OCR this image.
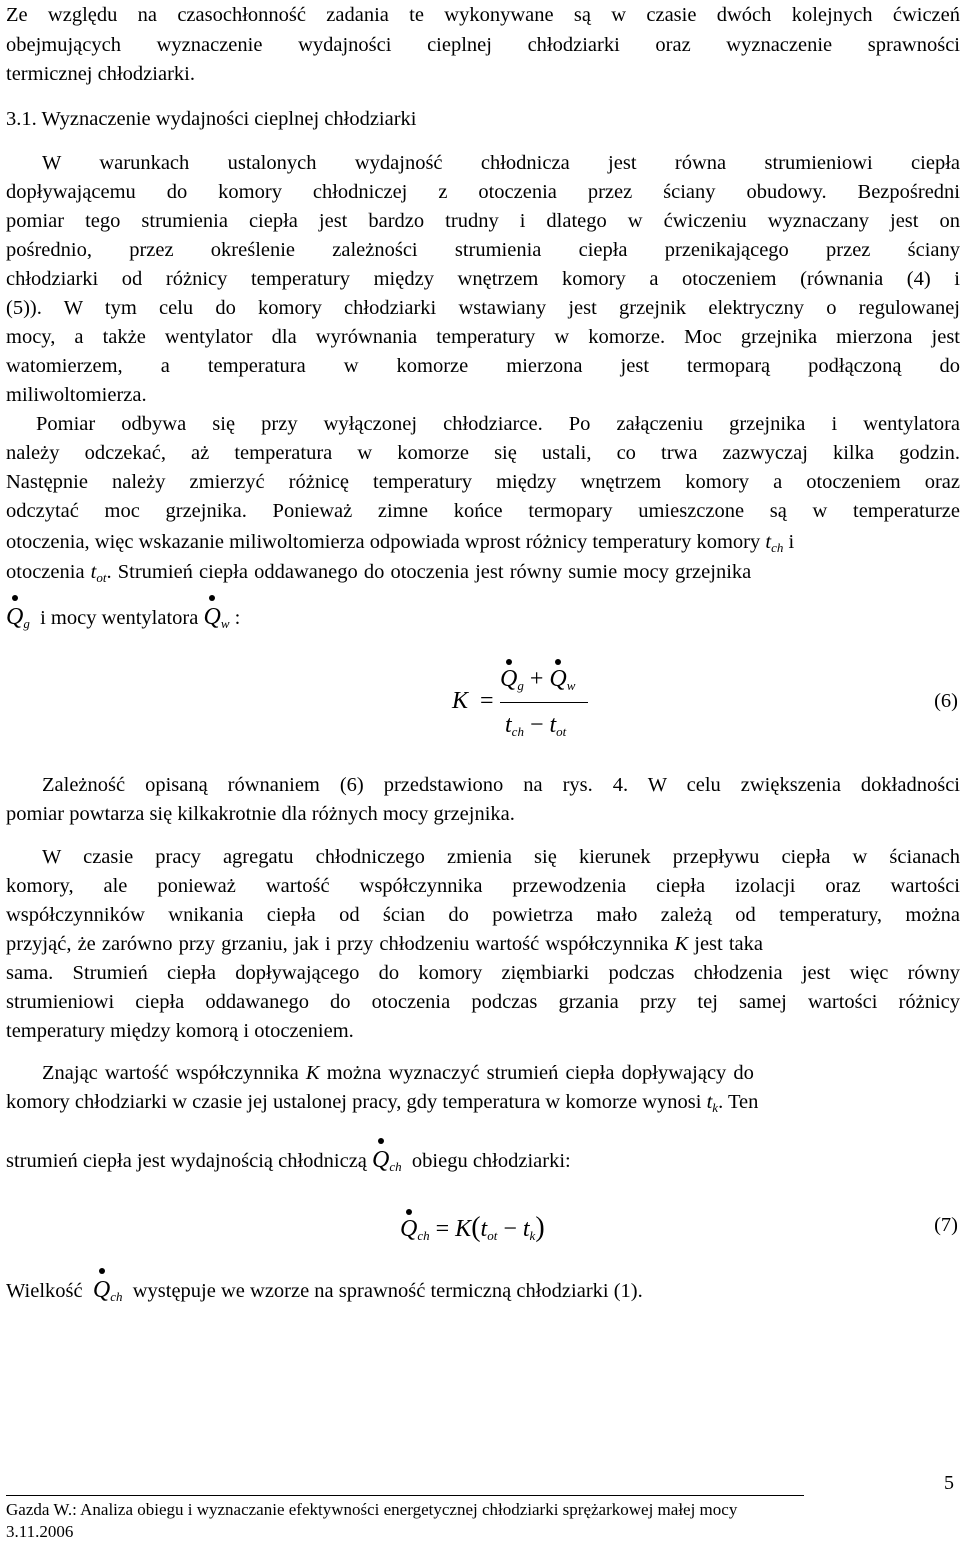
Ze względu na czasochłonność zadania te wykonywane są w czasie dwóch kolejnych ćwiczeń
obejmujących wyznaczenie wydajności cieplnej chłodziarki oraz wyznaczenie sprawności
termicznej chłodziarki.
3.1. Wyznaczenie wydajności cieplnej chłodziarki
W warunkach ustalonych wydajność chłodnicza jest równa strumieniowi ciepła
dopływającemu do komory chłodniczej z otoczenia przez ściany obudowy. Bezpośredni
pomiar tego strumienia ciepła jest bardzo trudny i dlatego w ćwiczeniu wyznaczany jest on
pośrednio, przez określenie zależności strumienia ciepła przenikającego przez ściany
chłodziarki od różnicy temperatury między wnętrzem komory a otoczeniem (równania (4) i
(5)). W tym celu do komory chłodziarki wstawiany jest grzejnik elektryczny o regulowanej
mocy, a także wentylator dla wyrównania temperatury w komorze. Moc grzejnika mierzona jest
watomierzem, a temperatura w komorze mierzona jest termoparą podłączoną do
miliwoltomierza.
Pomiar odbywa się przy wyłączonej chłodziarce. Po załączeniu grzejnika i wentylatora
należy odczekać, aż temperatura w komorze się ustali, co trwa zazwyczaj kilka godzin.
Następnie należy zmierzyć różnicę temperatury między wnętrzem komory a otoczeniem oraz
odczytać moc grzejnika. Ponieważ zimne końce termopary umieszczone są w temperaturze
otoczenia, więc wskazanie miliwoltomierza odpowiada wprost różnicy temperatury komory $t_{ch}$ i
otoczenia $t_{ot}$. Strumień ciepła oddawanego do otoczenia jest równy sumie mocy grzejnika
$Q_g$ i mocy wentylatora $Q_w$ :
K =
$Q_g + Q_w$
$t_{ch} - t_{ot}$
(6)
Zależność opisaną równaniem (6) przedstawiono na rys. 4. W celu zwiększenia dokładności
pomiar powtarza się kilkakrotnie dla różnych mocy grzejnika.
W czasie pracy agregatu chłodniczego zmienia się kierunek przepływu ciepła w ścianach
komory, ale ponieważ wartość współczynnika przewodzenia ciepła izolacji oraz wartości
współczynników wnikania ciepła od ścian do powietrza mało zależą od temperatury, można
przyjąć, że zarówno przy grzaniu, jak i przy chłodzeniu wartość współczynnika K jest taka
sama. Strumień ciepła dopływającego do komory zięmbiarki podczas chłodzenia jest więc równy
strumieniowi ciepła oddawanego do otoczenia podczas grzania przy tej samej wartości różnicy
temperatury między komorą i otoczeniem.
Znając wartość współczynnika K można wyznaczyć strumień ciepła dopływający do
komory chłodziarki w czasie jej ustalonej pracy, gdy temperatura w komorze wynosi $t_k$. Ten
strumień ciepła jest wydajnością chłodniczą $Q_{ch}$ obiegu chłodziarki:
$Q_{ch} = K(t_{ot} - t_k)$	(7)
Wielkość $Q_{ch}$ występuje we wzorze na sprawność termiczną chłodziarki (1).
5
Gazda W.: Analiza obiegu i wyznaczanie efektywności energetycznej chłodziarki sprężarkowej małej mocy
3.11.2006
